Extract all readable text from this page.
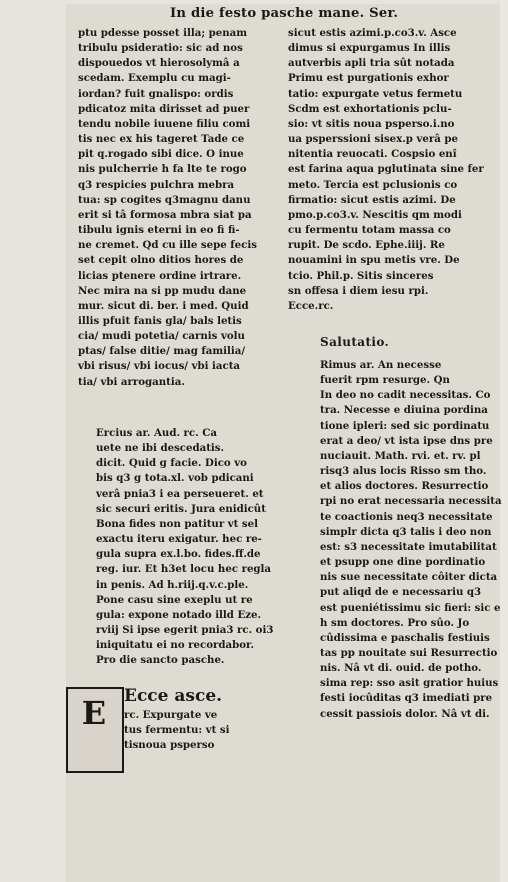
In die festo pasche mane. Ser.
ptu pdesse posset illa; penam
tribulu psideratio: sic ad nos
dispouedos vt hierosolymâ a
scedam. Exemplu cu magi-
iordan? fuit gnalispo: ordis
pdicatoz mita dirisset ad puer
tendu nobile iuuene filiu comi
tis nec ex his tageret Tade ce
pit q.rogado sibi dice. O inue
nis pulcherrie h fa lte te rogo
q3 respicies pulchra mebra
tua: sp cogites q3magnu danu
erit si tâ formosa mbra siat pa
tibulu ignis eterni in eo fi fi-
ne cremet. Qd cu ille sepe fecis
set cepit olno ditios hores de
licias ptenere ordine irtrare.
Nec mira na si pp mudu dane
mur. sicut di. ber. i med. Quid
illis pfuit fanis gla/ bals letis
cia/ mudi potetia/ carnis volu
ptas/ false ditie/ mag familia/
vbi risus/ vbi iocus/ vbi iacta
tia/ vbi arrogantia.
Ercius ar. Aud. rc. Ca
uete ne ibi descedatis.
dicit. Quid g facie. Dico vo
bis q3 g tota.xl. vob pdicani
verâ pnia3 i ea perseueret. et
sic securi eritis. Jura enidicût
Bona fides non patitur vt sel
exactu iteru exigatur. hec re-
gula supra ex.l.bo. fides.ff.de
reg. iur. Et h3et locu hec regla
in penis. Ad h.riij.q.v.c.ple.
Pone casu sine exeplu ut re
gula: expone notado illd Eze.
rviij Si ipse egerit pnia3 rc. oi3
iniquitatu ei no recordabor.
Pro die sancto pasche.
E	Ecce asce.
rc. Expurgate ve
tus fermentu: vt si
tisnoua psperso
sicut estis azimi.p.co3.v. Asce
dimus si expurgamus In illis
autverbis apli tria sût notada
Primu est purgationis exhor
tatio: expurgate vetus fermetu
Scdm est exhortationis pclu-
sio: vt sitis noua psperso.i.no
ua psperssioni sisex.p verâ pe
nitentia reuocati. Cospsio enî
est farina aqua pglutinata sine fer
meto. Tercia est pclusionis co
firmatio: sicut estis azimi. De
pmo.p.co3.v. Nescitis qm modi
cu fermentu totam massa co
rupit. De scdo. Ephe.iiij. Re
nouamini in spu metis vre. De
tcio. Phil.p. Sitis sinceres
sn offesa i diem iesu rpi.
Ecce.rc.
Salutatio.
Rimus ar. An necesse
fuerit rpm resurge. Qn
In deo no cadit necessitas. Co
tra. Necesse e diuina pordina
tione ipleri: sed sic pordinatu
erat a deo/ vt ista ipse dns pre
nuciauit. Math. rvi. et. rv. pl
risq3 alus locis Risso sm tho.
et alios doctores. Resurrectio
rpi no erat necessaria necessita
te coactionis neq3 necessitate
simplr dicta q3 talis i deo non
est: s3 necessitate imutabilitat
et psupp one dine pordinatio
nis sue necessitate côiter dicta
put aliqd de e necessariu q3
est pueniétissimu sic fieri: sic e
h sm doctores. Pro sûo. Jo
cûdissima e paschalis festiuis
tas pp nouitate sui Resurrectio
nis. Nâ vt di. ouid. de potho.
sima rep: sso asit gratior huius
festi iocûditas q3 imediati pre
cessit passiois dolor. Nâ vt di.
